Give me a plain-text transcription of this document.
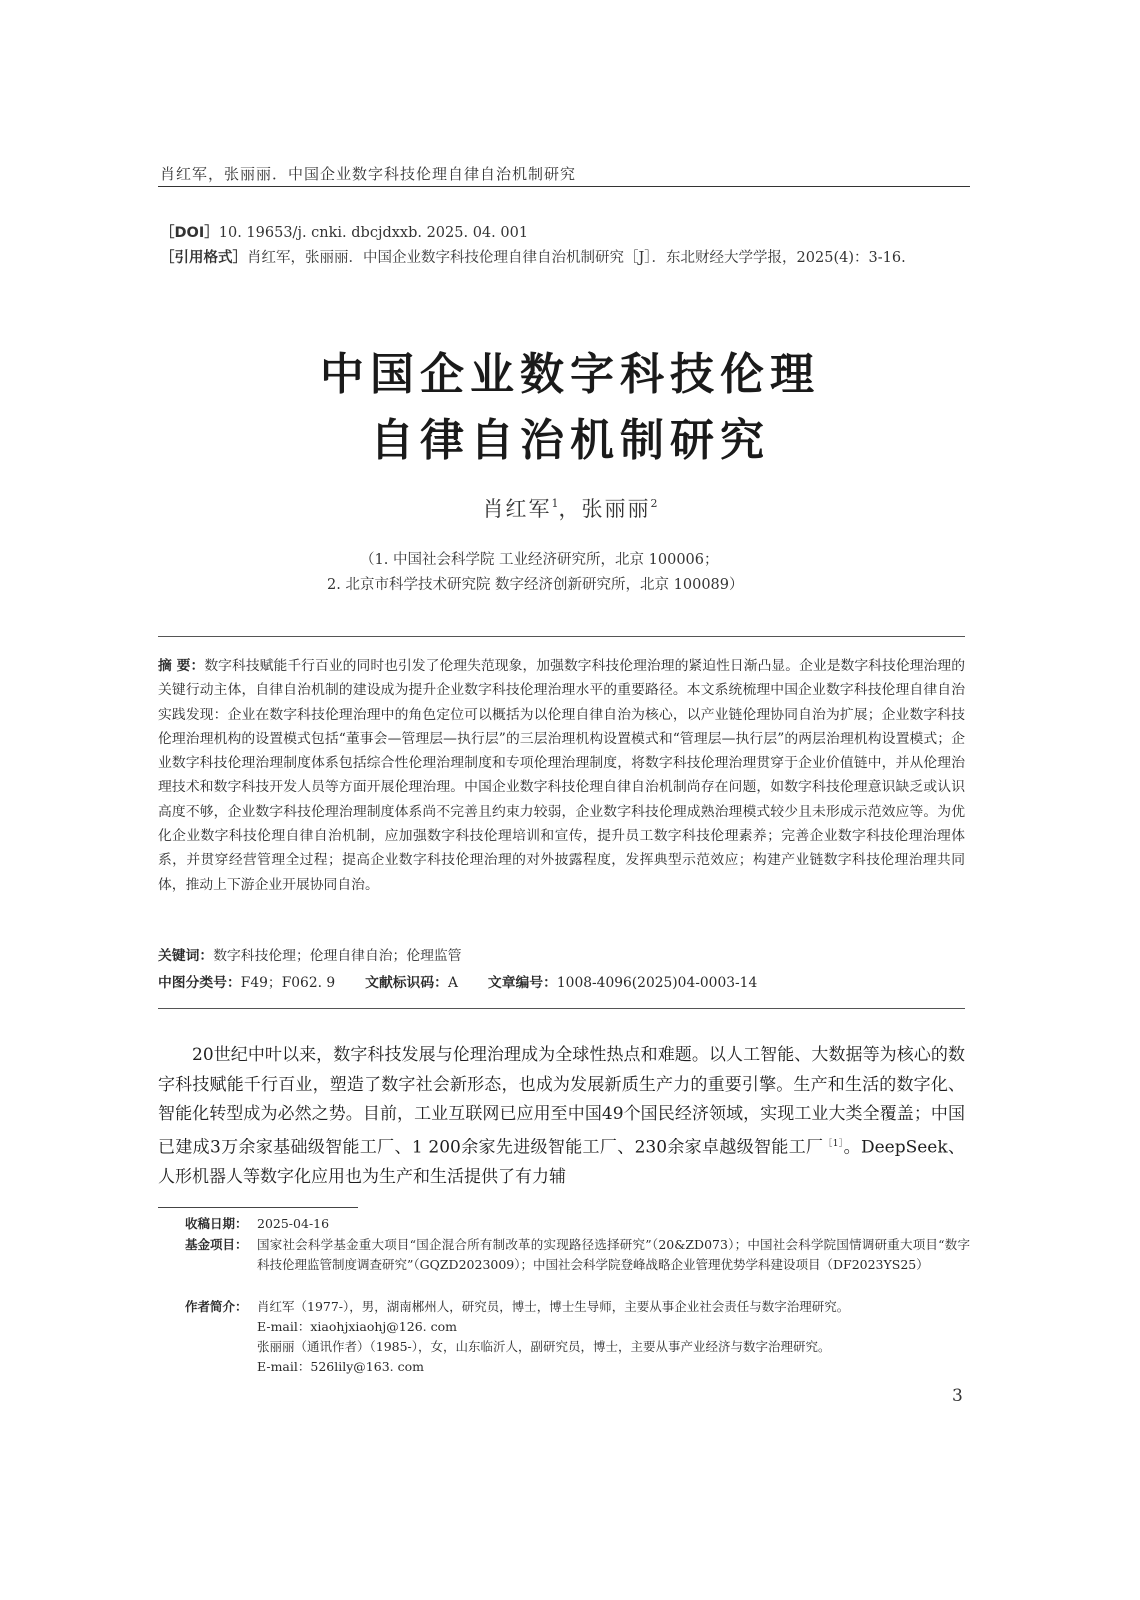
肖红军，张丽丽．中国企业数字科技伦理自律自治机制研究
［DOI］10. 19653/j. cnki. dbcjdxxb. 2025. 04. 001
［引用格式］肖红军，张丽丽．中国企业数字科技伦理自律自治机制研究［J］．东北财经大学学报，2025(4)：3-16.
中国企业数字科技伦理
自律自治机制研究
肖红军$^1$，张丽丽$^2$
（1. 中国社会科学院 工业经济研究所，北京 100006；
2. 北京市科学技术研究院 数字经济创新研究所，北京 100089）
摘 要：数字科技赋能千行百业的同时也引发了伦理失范现象，加强数字科技伦理治理的紧迫性日渐凸显。企业是数字科技伦理治理的关键行动主体，自律自治机制的建设成为提升企业数字科技伦理治理水平的重要路径。本文系统梳理中国企业数字科技伦理自律自治实践发现：企业在数字科技伦理治理中的角色定位可以概括为以伦理自律自治为核心，以产业链伦理协同自治为扩展；企业数字科技伦理治理机构的设置模式包括“董事会—管理层—执行层”的三层治理机构设置模式和“管理层—执行层”的两层治理机构设置模式；企业数字科技伦理治理制度体系包括综合性伦理治理制度和专项伦理治理制度，将数字科技伦理治理贯穿于企业价值链中，并从伦理治理技术和数字科技开发人员等方面开展伦理治理。中国企业数字科技伦理自律自治机制尚存在问题，如数字科技伦理意识缺乏或认识高度不够，企业数字科技伦理治理制度体系尚不完善且约束力较弱，企业数字科技伦理成熟治理模式较少且未形成示范效应等。为优化企业数字科技伦理自律自治机制，应加强数字科技伦理培训和宣传，提升员工数字科技伦理素养；完善企业数字科技伦理治理体系，并贯穿经营管理全过程；提高企业数字科技伦理治理的对外披露程度，发挥典型示范效应；构建产业链数字科技伦理治理共同体，推动上下游企业开展协同自治。
关键词：数字科技伦理；伦理自律自治；伦理监管
中图分类号：F49；F062. 9 文献标识码：A 文章编号：1008-4096(2025)04-0003-14
20世纪中叶以来，数字科技发展与伦理治理成为全球性热点和难题。以人工智能、大数据等为核心的数字科技赋能千行百业，塑造了数字社会新形态，也成为发展新质生产力的重要引擎。生产和生活的数字化、智能化转型成为必然之势。目前，工业互联网已应用至中国49个国民经济领域，实现工业大类全覆盖；中国已建成3万余家基础级智能工厂、1 200余家先进级智能工厂、230余家卓越级智能工厂$^{[1]}$。DeepSeek、人形机器人等数字化应用也为生产和生活提供了有力辅
收稿日期： 2025-04-16
基金项目： 国家社会科学基金重大项目“国企混合所有制改革的实现路径选择研究”（20&ZD073）；中国社会科学院国情调研重大项目“数字科技伦理监管制度调查研究”（GQZD2023009）；中国社会科学院登峰战略企业管理优势学科建设项目（DF2023YS25）
作者简介： 肖红军（1977-），男，湖南郴州人，研究员，博士，博士生导师，主要从事企业社会责任与数字治理研究。
E-mail：xiaohjxiaohj@126. com
张丽丽（通讯作者）（1985-），女，山东临沂人，副研究员，博士，主要从事产业经济与数字治理研究。
E-mail：526lily@163. com
3
